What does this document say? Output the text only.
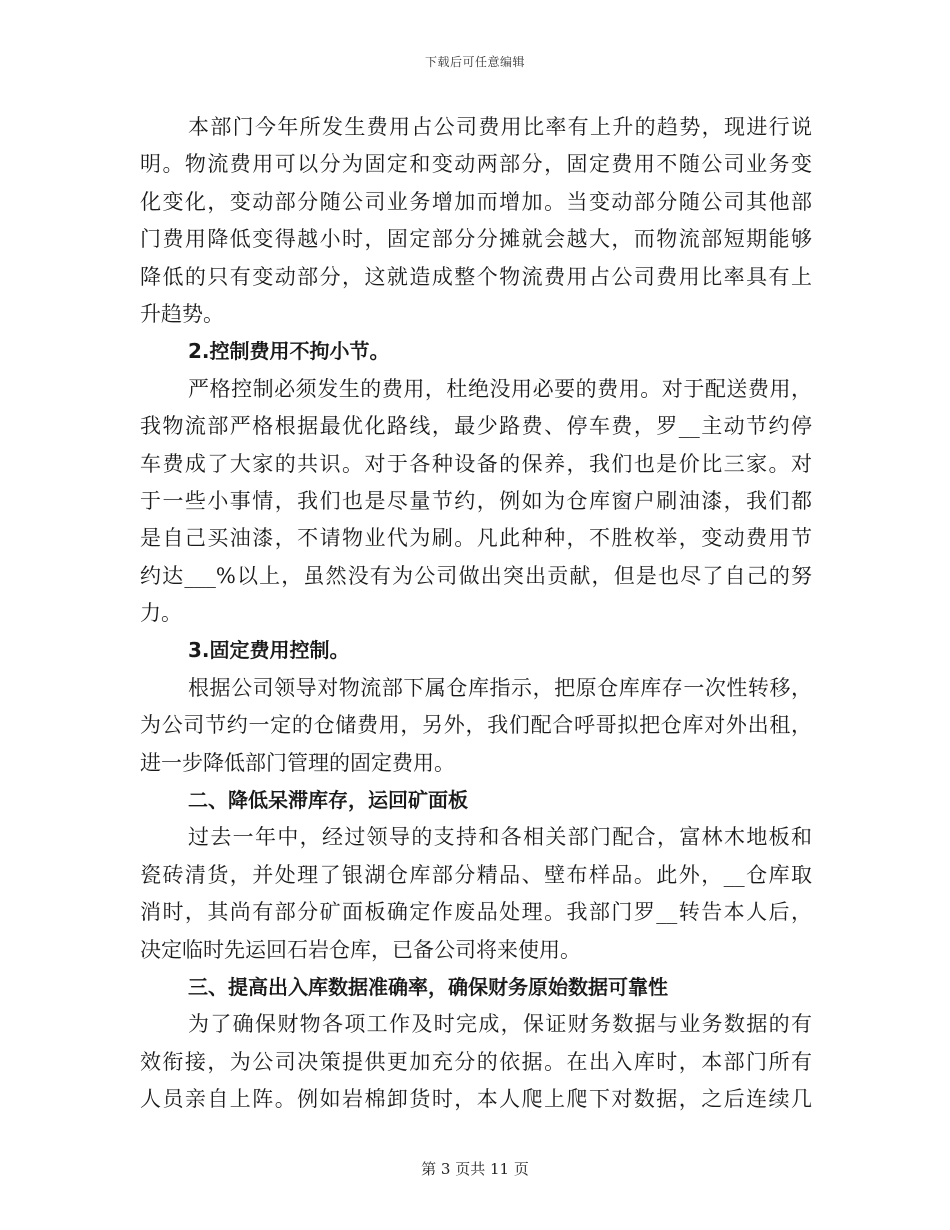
下载后可任意编辑
本部门今年所发生费用占公司费用比率有上升的趋势，现进行说
明。物流费用可以分为固定和变动两部分，固定费用不随公司业务变
化变化，变动部分随公司业务增加而增加。当变动部分随公司其他部
门费用降低变得越小时，固定部分分摊就会越大，而物流部短期能够
降低的只有变动部分，这就造成整个物流费用占公司费用比率具有上
升趋势。
2.控制费用不拘小节。
严格控制必须发生的费用，杜绝没用必要的费用。对于配送费用，
我物流部严格根据最优化路线，最少路费、停车费，罗__主动节约停
车费成了大家的共识。对于各种设备的保养，我们也是价比三家。对
于一些小事情，我们也是尽量节约，例如为仓库窗户刷油漆，我们都
是自己买油漆，不请物业代为刷。凡此种种，不胜枚举，变动费用节
约达___%以上，虽然没有为公司做出突出贡献，但是也尽了自己的努
力。
3.固定费用控制。
根据公司领导对物流部下属仓库指示，把原仓库库存一次性转移，
为公司节约一定的仓储费用，另外，我们配合呼哥拟把仓库对外出租，
进一步降低部门管理的固定费用。
二、降低呆滞库存，运回矿面板
过去一年中，经过领导的支持和各相关部门配合，富林木地板和
瓷砖清货，并处理了银湖仓库部分精品、壁布样品。此外，__仓库取
消时，其尚有部分矿面板确定作废品处理。我部门罗__转告本人后，
决定临时先运回石岩仓库，已备公司将来使用。
三、提高出入库数据准确率，确保财务原始数据可靠性
为了确保财物各项工作及时完成，保证财务数据与业务数据的有
效衔接，为公司决策提供更加充分的依据。在出入库时，本部门所有
人员亲自上阵。例如岩棉卸货时，本人爬上爬下对数据，之后连续几
第 3 页共 11 页
